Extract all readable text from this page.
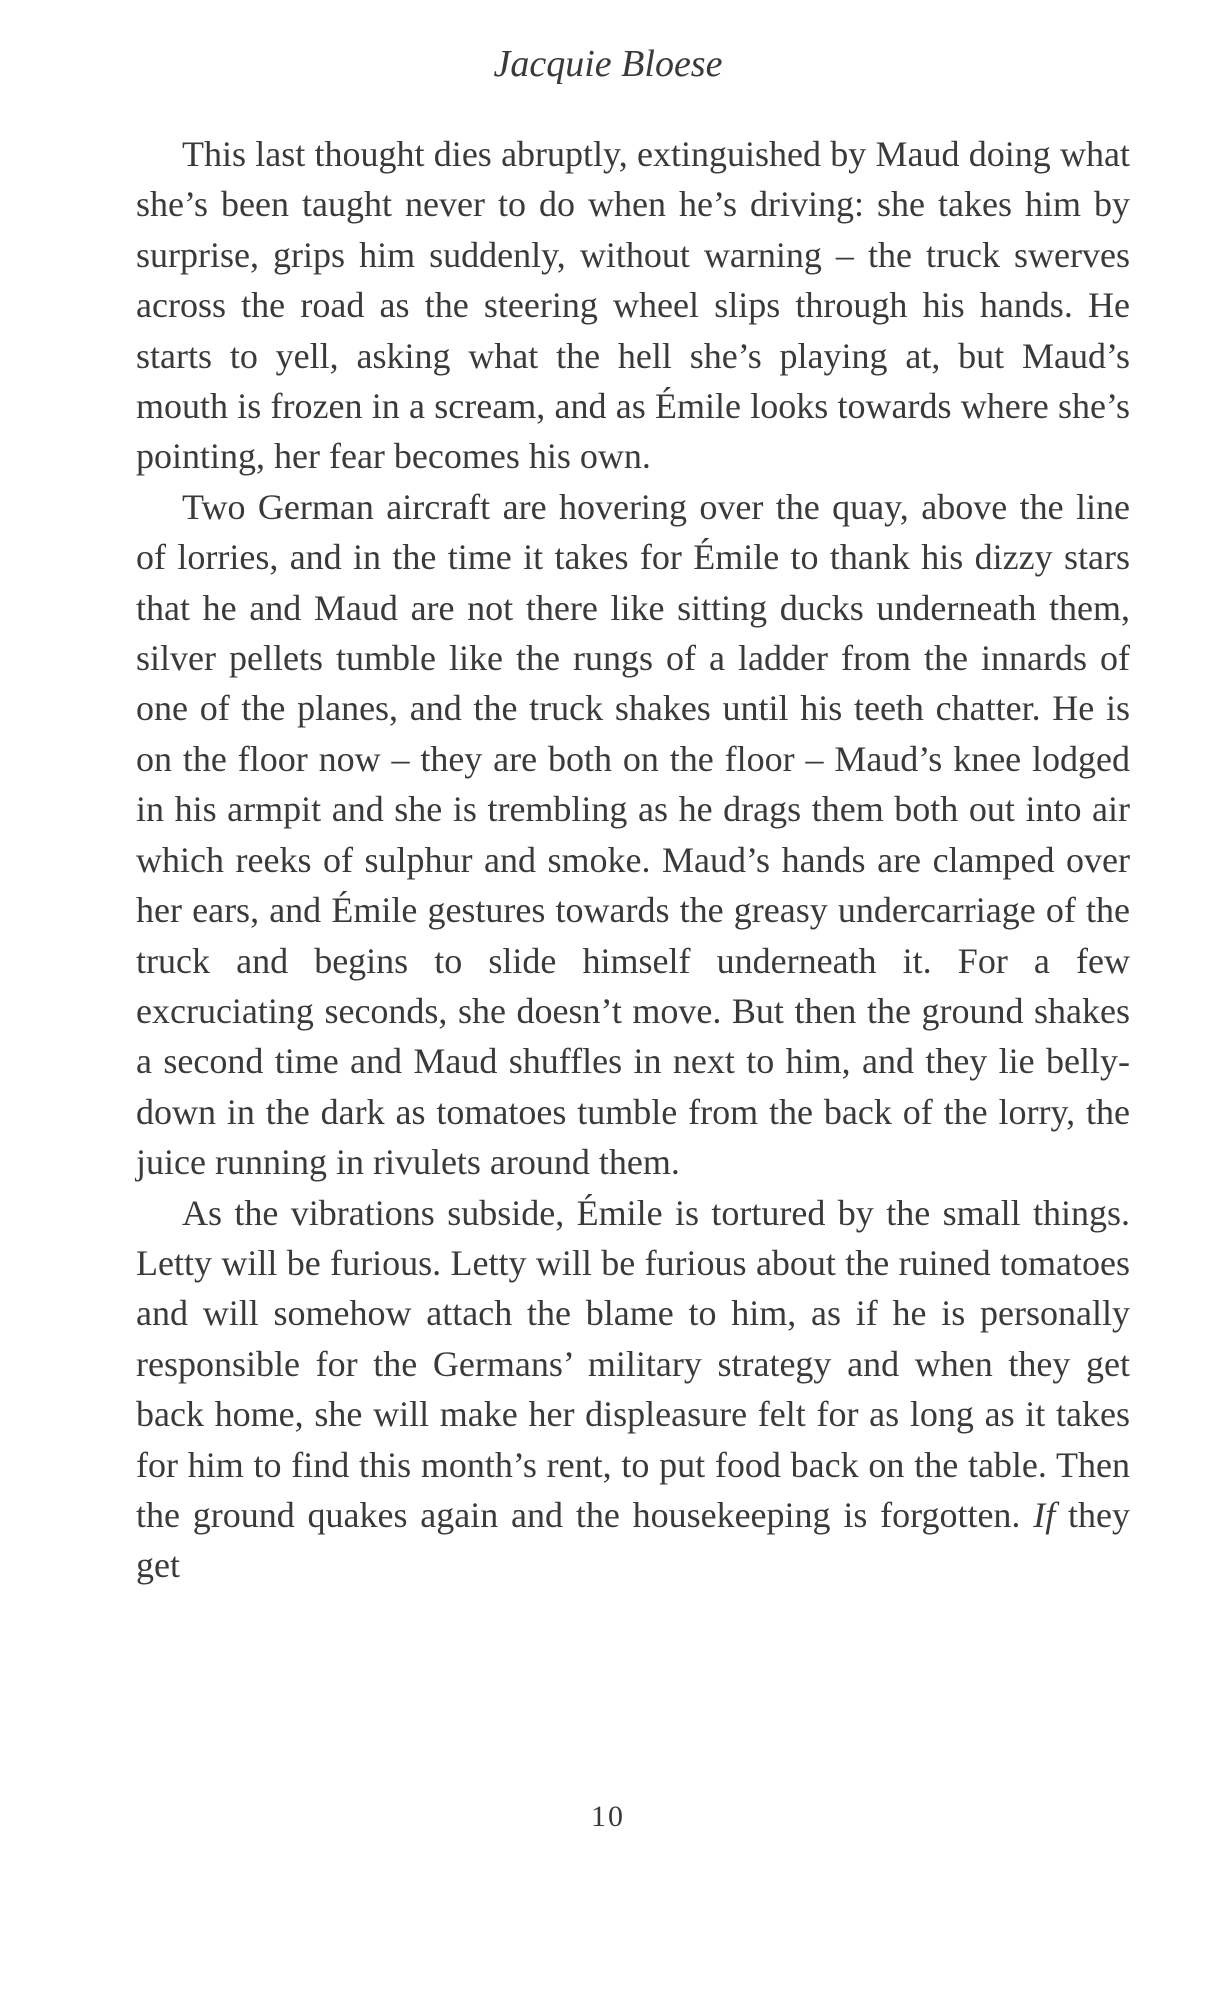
Jacquie Bloese

This last thought dies abruptly, extinguished by Maud doing what she’s been taught never to do when he’s driving: she takes him by surprise, grips him suddenly, without warning – the truck swerves across the road as the steering wheel slips through his hands. He starts to yell, asking what the hell she’s playing at, but Maud’s mouth is frozen in a scream, and as Émile looks towards where she’s pointing, her fear becomes his own.

Two German aircraft are hovering over the quay, above the line of lorries, and in the time it takes for Émile to thank his dizzy stars that he and Maud are not there like sitting ducks underneath them, silver pellets tumble like the rungs of a ladder from the innards of one of the planes, and the truck shakes until his teeth chatter. He is on the floor now – they are both on the floor – Maud’s knee lodged in his armpit and she is trembling as he drags them both out into air which reeks of sulphur and smoke. Maud’s hands are clamped over her ears, and Émile gestures towards the greasy undercarriage of the truck and begins to slide himself underneath it. For a few excruciating seconds, she doesn’t move. But then the ground shakes a second time and Maud shuffles in next to him, and they lie belly-down in the dark as tomatoes tumble from the back of the lorry, the juice running in rivulets around them.

As the vibrations subside, Émile is tortured by the small things. Letty will be furious. Letty will be furious about the ruined tomatoes and will somehow attach the blame to him, as if he is personally responsible for the Germans’ military strategy and when they get back home, she will make her displeasure felt for as long as it takes for him to find this month’s rent, to put food back on the table. Then the ground quakes again and the housekeeping is forgotten. If they get

10
